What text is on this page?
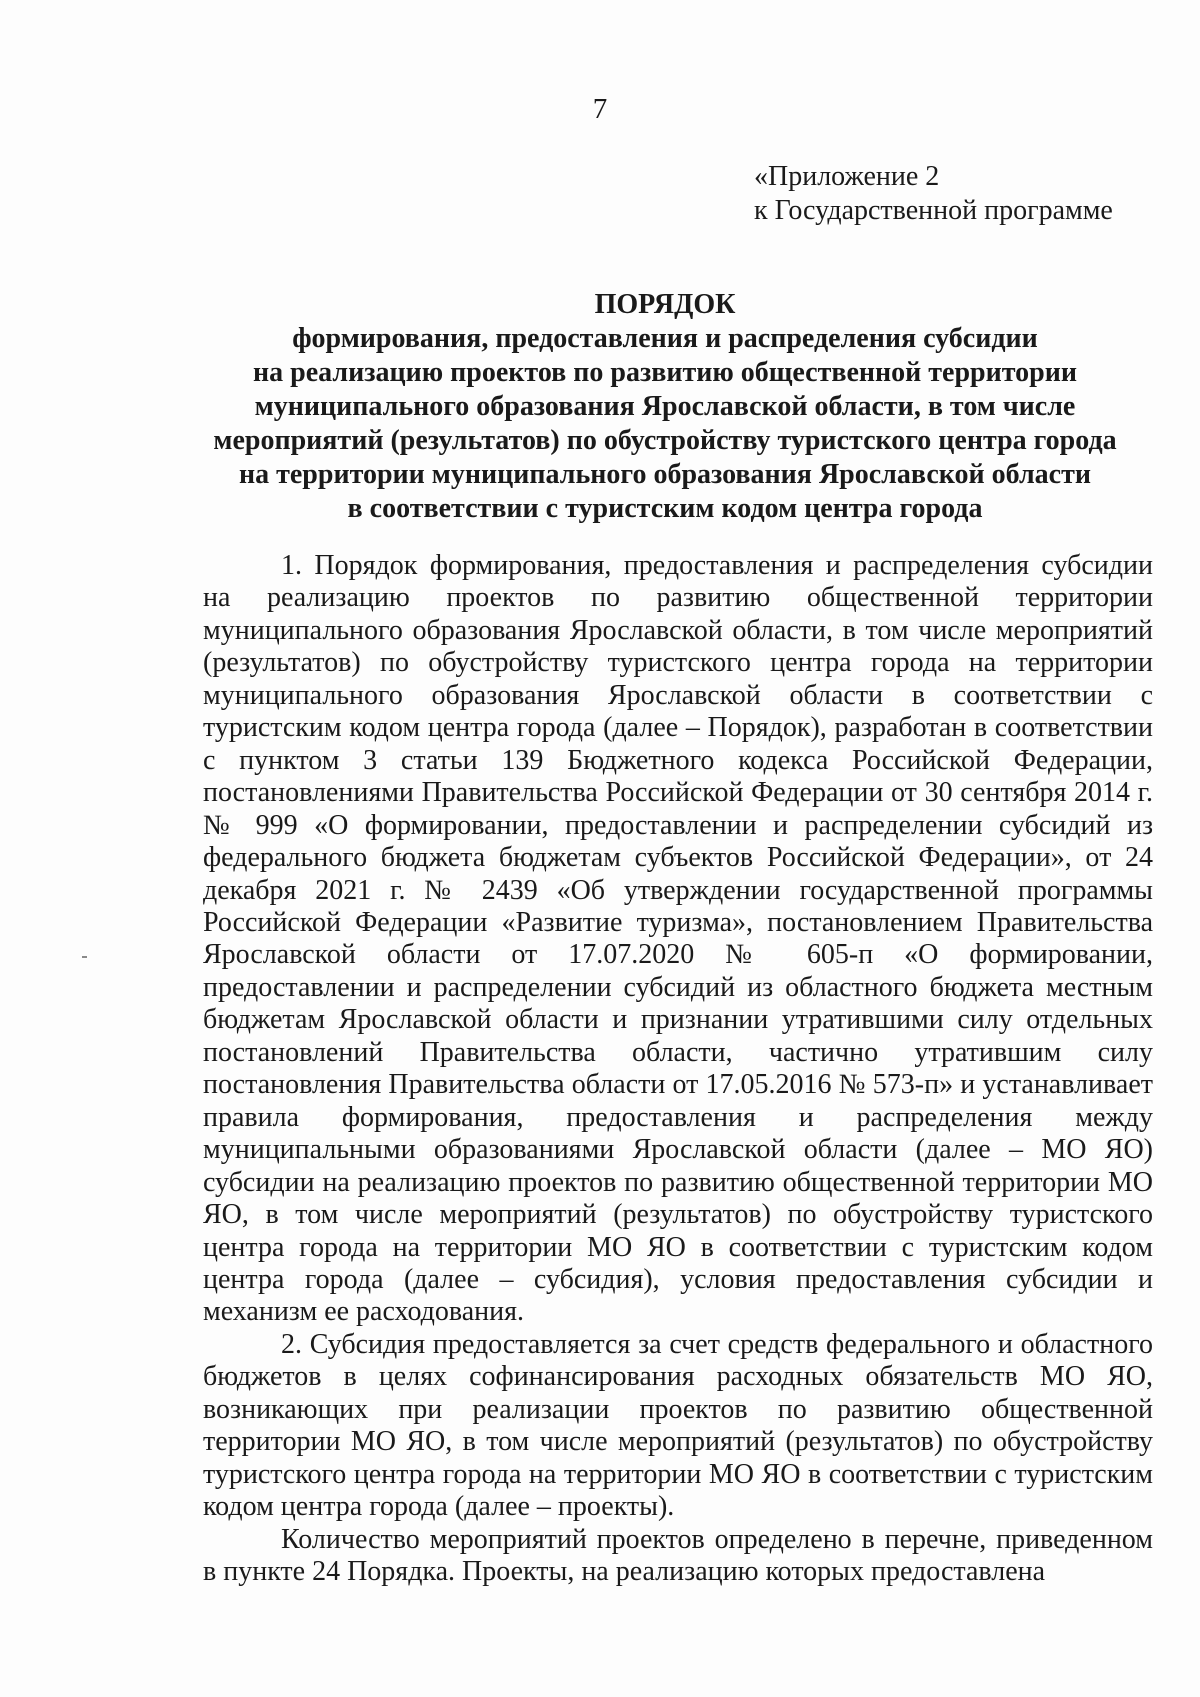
7
«Приложение 2
к Государственной программе
ПОРЯДОК
формирования, предоставления и распределения субсидии
на реализацию проектов по развитию общественной территории
муниципального образования Ярославской области, в том числе
мероприятий (результатов) по обустройству туристского центра города
на территории муниципального образования Ярославской области
в соответствии с туристским кодом центра города

1. Порядок формирования, предоставления и распределения субсидии на реализацию проектов по развитию общественной территории муниципального образования Ярославской области, в том числе мероприятий (результатов) по обустройству туристского центра города на территории муниципального образования Ярославской области в соответствии с туристским кодом центра города (далее – Порядок), разработан в соответствии с пунктом 3 статьи 139 Бюджетного кодекса Российской Федерации, постановлениями Правительства Российской Федерации от 30 сентября 2014 г. № 999 «О формировании, предоставлении и распределении субсидий из федерального бюджета бюджетам субъектов Российской Федерации», от 24 декабря 2021 г. № 2439 «Об утверждении государственной программы Российской Федерации «Развитие туризма», постановлением Правительства Ярославской области от 17.07.2020 № 605-п «О формировании, предоставлении и распределении субсидий из областного бюджета местным бюджетам Ярославской области и признании утратившими силу отдельных постановлений Правительства области, частично утратившим силу постановления Правительства области от 17.05.2016 № 573-п» и устанавливает правила формирования, предоставления и распределения между муниципальными образованиями Ярославской области (далее – МО ЯО) субсидии на реализацию проектов по развитию общественной территории МО ЯО, в том числе мероприятий (результатов) по обустройству туристского центра города на территории МО ЯО в соответствии с туристским кодом центра города (далее – субсидия), условия предоставления субсидии и механизм ее расходования.

2. Субсидия предоставляется за счет средств федерального и областного бюджетов в целях софинансирования расходных обязательств МО ЯО, возникающих при реализации проектов по развитию общественной территории МО ЯО, в том числе мероприятий (результатов) по обустройству туристского центра города на территории МО ЯО в соответствии с туристским кодом центра города (далее – проекты).

Количество мероприятий проектов определено в перечне, приведенном в пункте 24 Порядка. Проекты, на реализацию которых предоставлена
